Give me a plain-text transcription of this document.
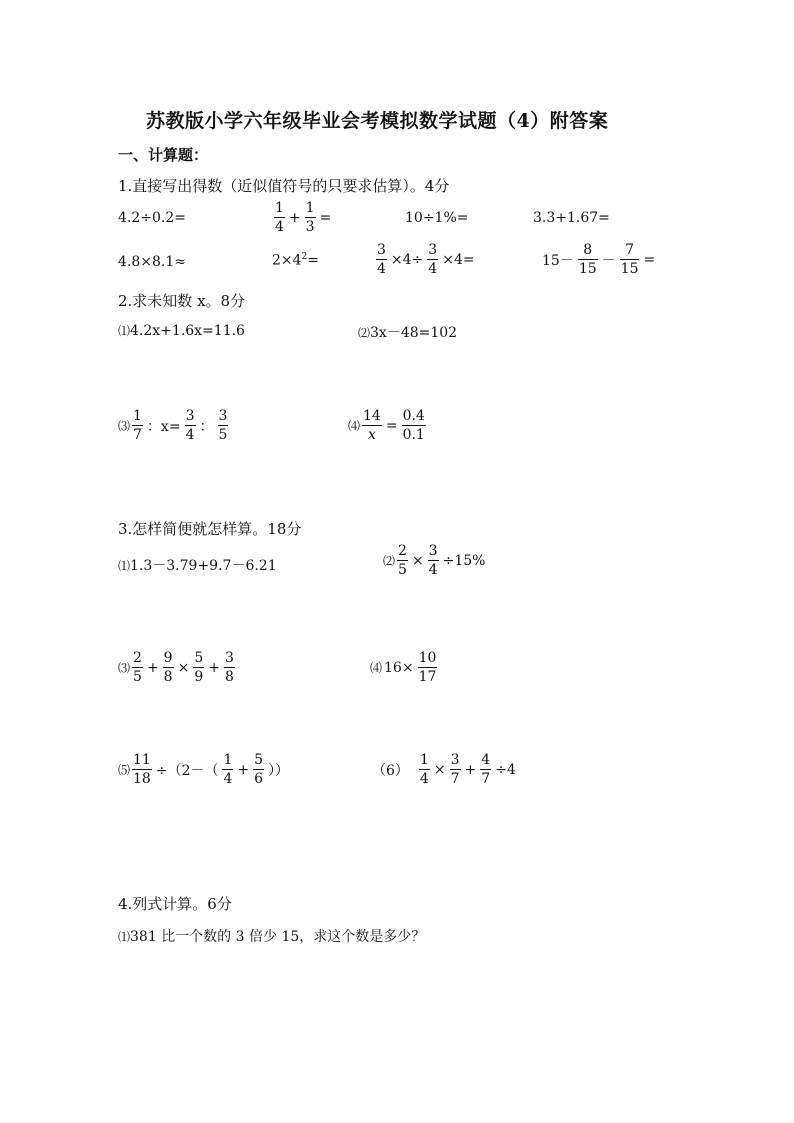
苏教版小学六年级毕业会考模拟数学试题（4）附答案
一、计算题：
1.直接写出得数（近似值符号的只要求估算）。4分
4.2÷0.2=	$\frac{1}{4} + \frac{1}{3}$ =	10÷1%=	3.3+1.67=
4.8×8.1≈	$2\times 4^2=$	$\frac{3}{4} \times 4\div \frac{3}{4} \times 4=$	$15- \frac{8}{15} - \frac{7}{15}$ =
2.求未知数 x。8分
⑴4.2x+1.6x=11.6	⑵3x－48=102
⑶ $\frac{1}{7}$ ：$x= \frac{3}{4}$ ： $\frac{3}{5}$	⑷ $\frac{14}{x} = \frac{0.4}{0.1}$
3.怎样简便就怎样算。18分
⑴1.3－3.79+9.7－6.21	⑵ $\frac{2}{5} \times \frac{3}{4} \div 15\%$
⑶ $\frac{2}{5} + \frac{9}{8} \times \frac{5}{9} + \frac{3}{8}$	⑷ $16\times \frac{10}{17}$
⑸ $\frac{11}{18} \div(2-( \frac{1}{4} + \frac{5}{6}$ ））	$(6) \frac{1}{4} \times \frac{3}{7} + \frac{4}{7} \div 4$
4.列式计算。6分
⑴381 比一个数的 3 倍少 15，求这个数是多少？
